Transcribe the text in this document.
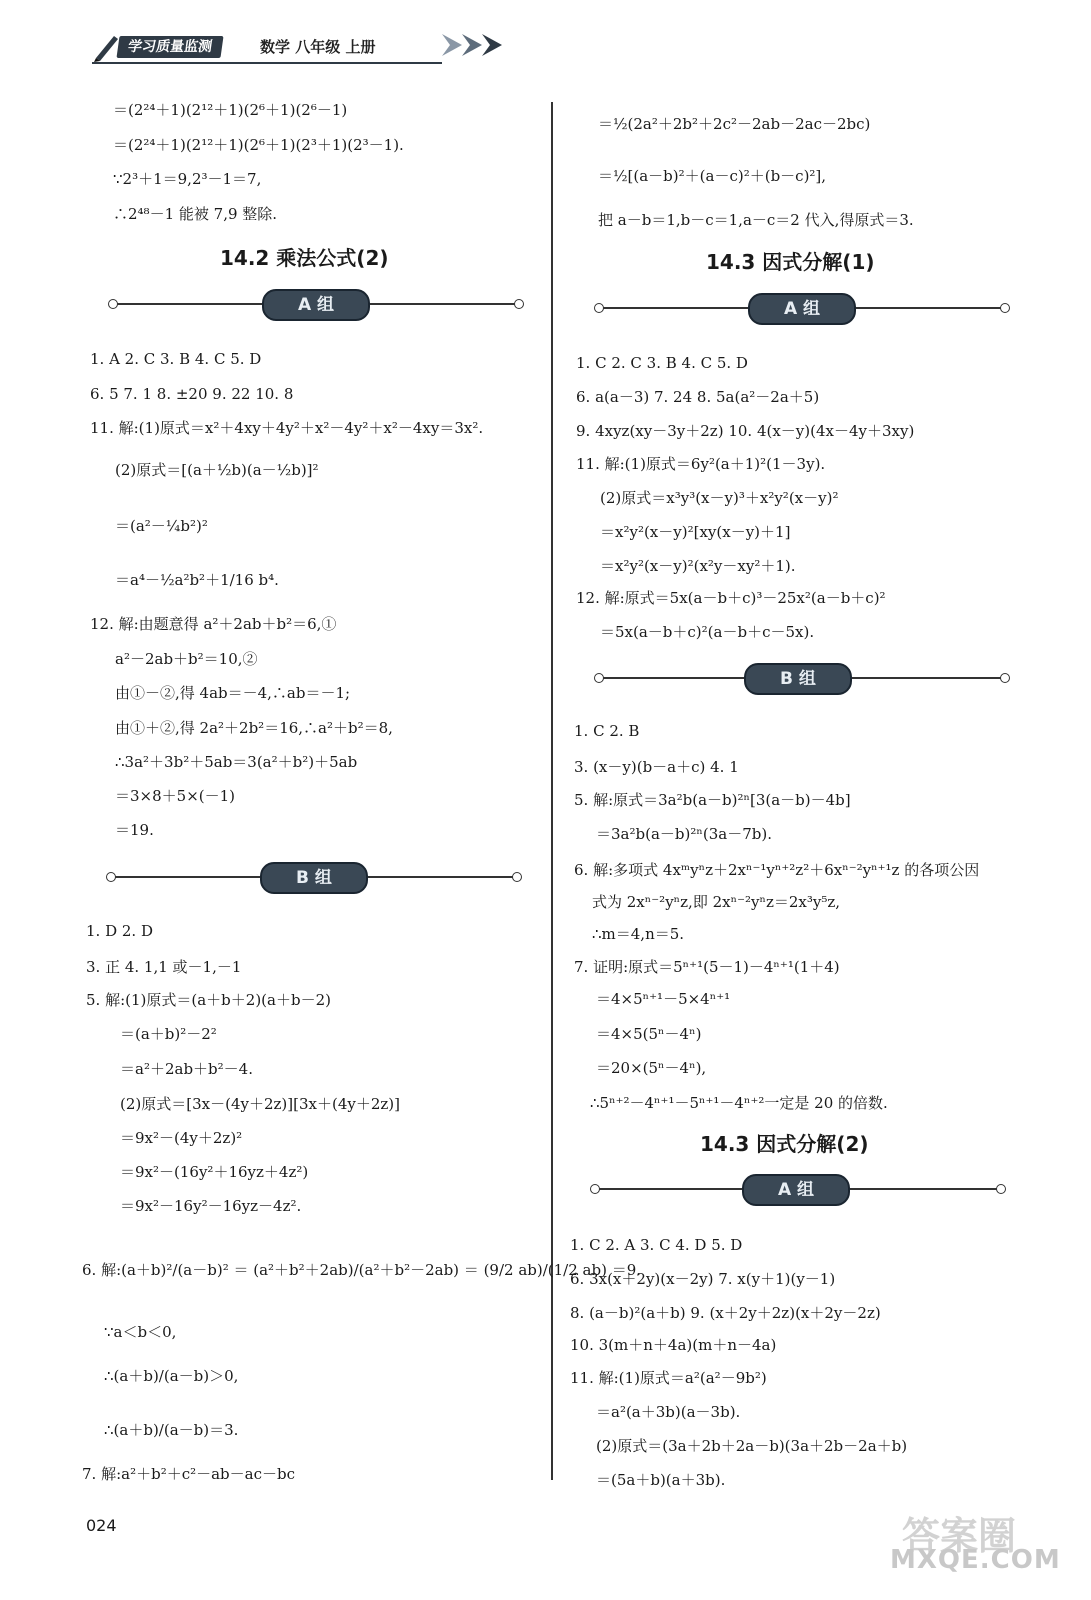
学习质量监测	数学 八年级 上册
＝(2²⁴＋1)(2¹²＋1)(2⁶＋1)(2⁶－1)
＝(2²⁴＋1)(2¹²＋1)(2⁶＋1)(2³＋1)(2³－1).
∵2³＋1＝9,2³－1＝7,
∴2⁴⁸－1 能被 7,9 整除.
14.2 乘法公式(2)
A 组
1. A 2. C 3. B 4. C 5. D
6. 5 7. 1 8. ±20 9. 22 10. 8
11. 解:(1)原式＝x²＋4xy＋4y²＋x²－4y²＋x²－4xy＝3x².
(2)原式＝[(a＋½b)(a－½b)]²
＝(a²－¼b²)²
＝a⁴－½a²b²＋1/16 b⁴.
12. 解:由题意得 a²＋2ab＋b²＝6,①
a²－2ab＋b²＝10,②
由①－②,得 4ab＝－4,∴ab＝－1;
由①＋②,得 2a²＋2b²＝16,∴a²＋b²＝8,
∴3a²＋3b²＋5ab＝3(a²＋b²)＋5ab
＝3×8＋5×(－1)
＝19.
B 组
1. D 2. D
3. 正 4. 1,1 或－1,－1
5. 解:(1)原式＝(a＋b＋2)(a＋b－2)
＝(a＋b)²－2²
＝a²＋2ab＋b²－4.
(2)原式＝[3x－(4y＋2z)][3x＋(4y＋2z)]
＝9x²－(4y＋2z)²
＝9x²－(16y²＋16yz＋4z²)
＝9x²－16y²－16yz－4z².
6. 解:(a＋b)²/(a－b)² ＝ (a²＋b²＋2ab)/(a²＋b²－2ab) ＝ (9/2 ab)/(1/2 ab) ＝9.
∵a＜b＜0,
∴(a＋b)/(a－b)＞0,
∴(a＋b)/(a－b)＝3.
7. 解:a²＋b²＋c²－ab－ac－bc
＝½(2a²＋2b²＋2c²－2ab－2ac－2bc)
＝½[(a－b)²＋(a－c)²＋(b－c)²],
把 a－b＝1,b－c＝1,a－c＝2 代入,得原式＝3.
14.3 因式分解(1)
A 组
1. C 2. C 3. B 4. C 5. D
6. a(a－3) 7. 24 8. 5a(a²－2a＋5)
9. 4xyz(xy－3y＋2z) 10. 4(x－y)(4x－4y＋3xy)
11. 解:(1)原式＝6y²(a＋1)²(1－3y).
(2)原式＝x³y³(x－y)³＋x²y²(x－y)²
＝x²y²(x－y)²[xy(x－y)＋1]
＝x²y²(x－y)²(x²y－xy²＋1).
12. 解:原式＝5x(a－b＋c)³－25x²(a－b＋c)²
＝5x(a－b＋c)²(a－b＋c－5x).
B 组
1. C 2. B
3. (x－y)(b－a＋c) 4. 1
5. 解:原式＝3a²b(a－b)²ⁿ[3(a－b)－4b]
＝3a²b(a－b)²ⁿ(3a－7b).
6. 解:多项式 4xᵐyⁿz＋2xⁿ⁻¹yⁿ⁺²z²＋6xⁿ⁻²yⁿ⁺¹z 的各项公因
式为 2xⁿ⁻²yⁿz,即 2xⁿ⁻²yⁿz＝2x³y⁵z,
∴m＝4,n＝5.
7. 证明:原式＝5ⁿ⁺¹(5－1)－4ⁿ⁺¹(1＋4)
＝4×5ⁿ⁺¹－5×4ⁿ⁺¹
＝4×5(5ⁿ－4ⁿ)
＝20×(5ⁿ－4ⁿ),
∴5ⁿ⁺²－4ⁿ⁺¹－5ⁿ⁺¹－4ⁿ⁺²一定是 20 的倍数.
14.3 因式分解(2)
A 组
1. C 2. A 3. C 4. D 5. D
6. 3x(x＋2y)(x－2y) 7. x(y＋1)(y－1)
8. (a－b)²(a＋b) 9. (x＋2y＋2z)(x＋2y－2z)
10. 3(m＋n＋4a)(m＋n－4a)
11. 解:(1)原式＝a²(a²－9b²)
＝a²(a＋3b)(a－3b).
(2)原式＝(3a＋2b＋2a－b)(3a＋2b－2a＋b)
＝(5a＋b)(a＋3b).
024	答案圈
MXQE.COM
